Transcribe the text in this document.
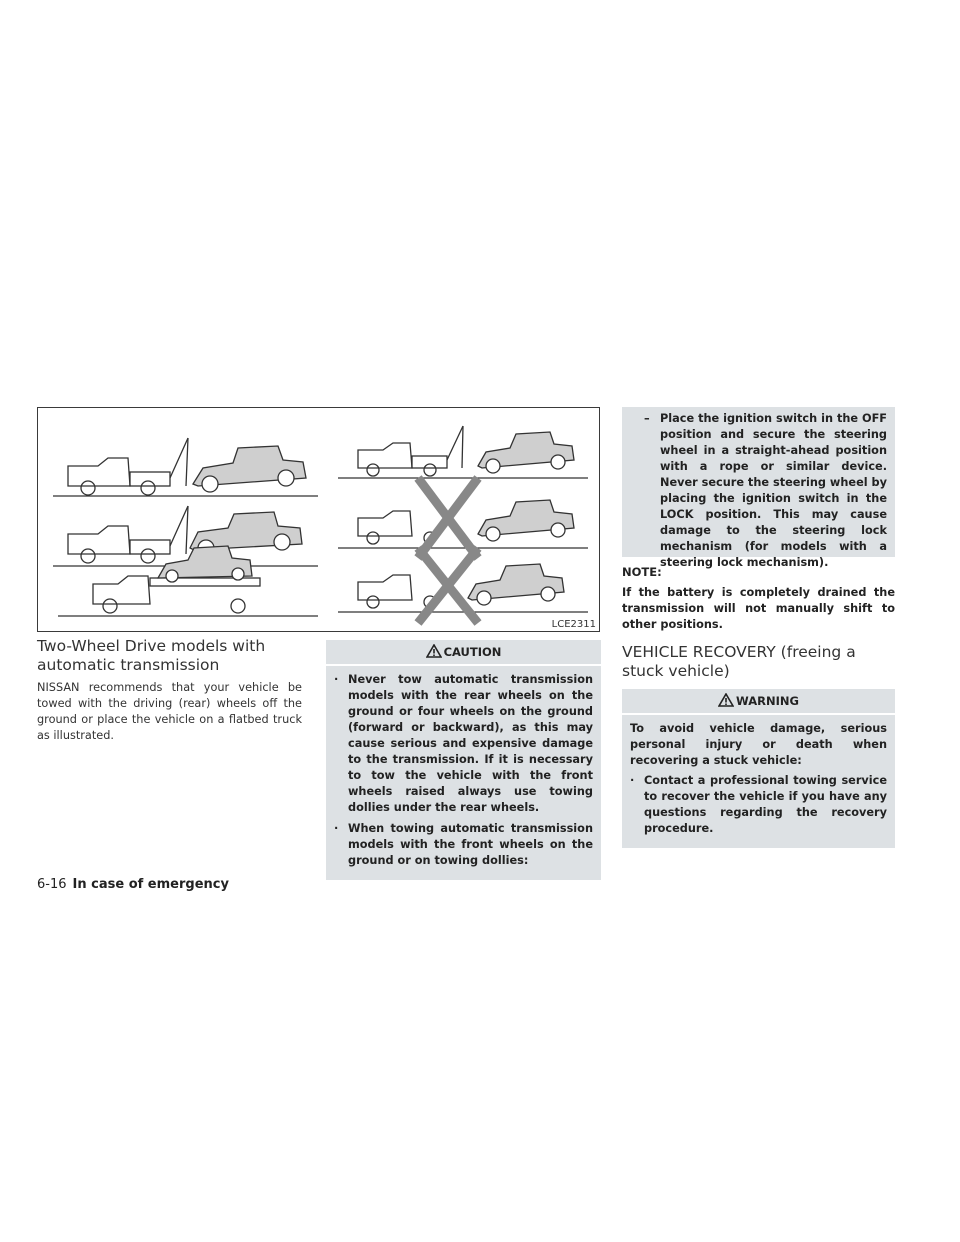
LCE2311
Two-Wheel Drive models with automatic transmission
NISSAN recommends that your vehicle be towed with the driving (rear) wheels off the ground or place the vehicle on a flatbed truck as illustrated.
CAUTION
· Never tow automatic transmission models with the rear wheels on the ground or four wheels on the ground (forward or backward), as this may cause serious and expensive damage to the transmission. If it is necessary to tow the vehicle with the front wheels raised always use towing dollies under the rear wheels.
· When towing automatic transmission models with the front wheels on the ground or on towing dollies:
– Place the ignition switch in the OFF position and secure the steering wheel in a straight-ahead position with a rope or similar device. Never secure the steering wheel by placing the ignition switch in the LOCK position. This may cause damage to the steering lock mechanism (for models with a steering lock mechanism).
NOTE:
If the battery is completely drained the transmission will not manually shift to other positions.
VEHICLE RECOVERY (freeing a stuck vehicle)
WARNING
To avoid vehicle damage, serious personal injury or death when recovering a stuck vehicle:
· Contact a professional towing service to recover the vehicle if you have any questions regarding the recovery procedure.
6-16 In case of emergency
